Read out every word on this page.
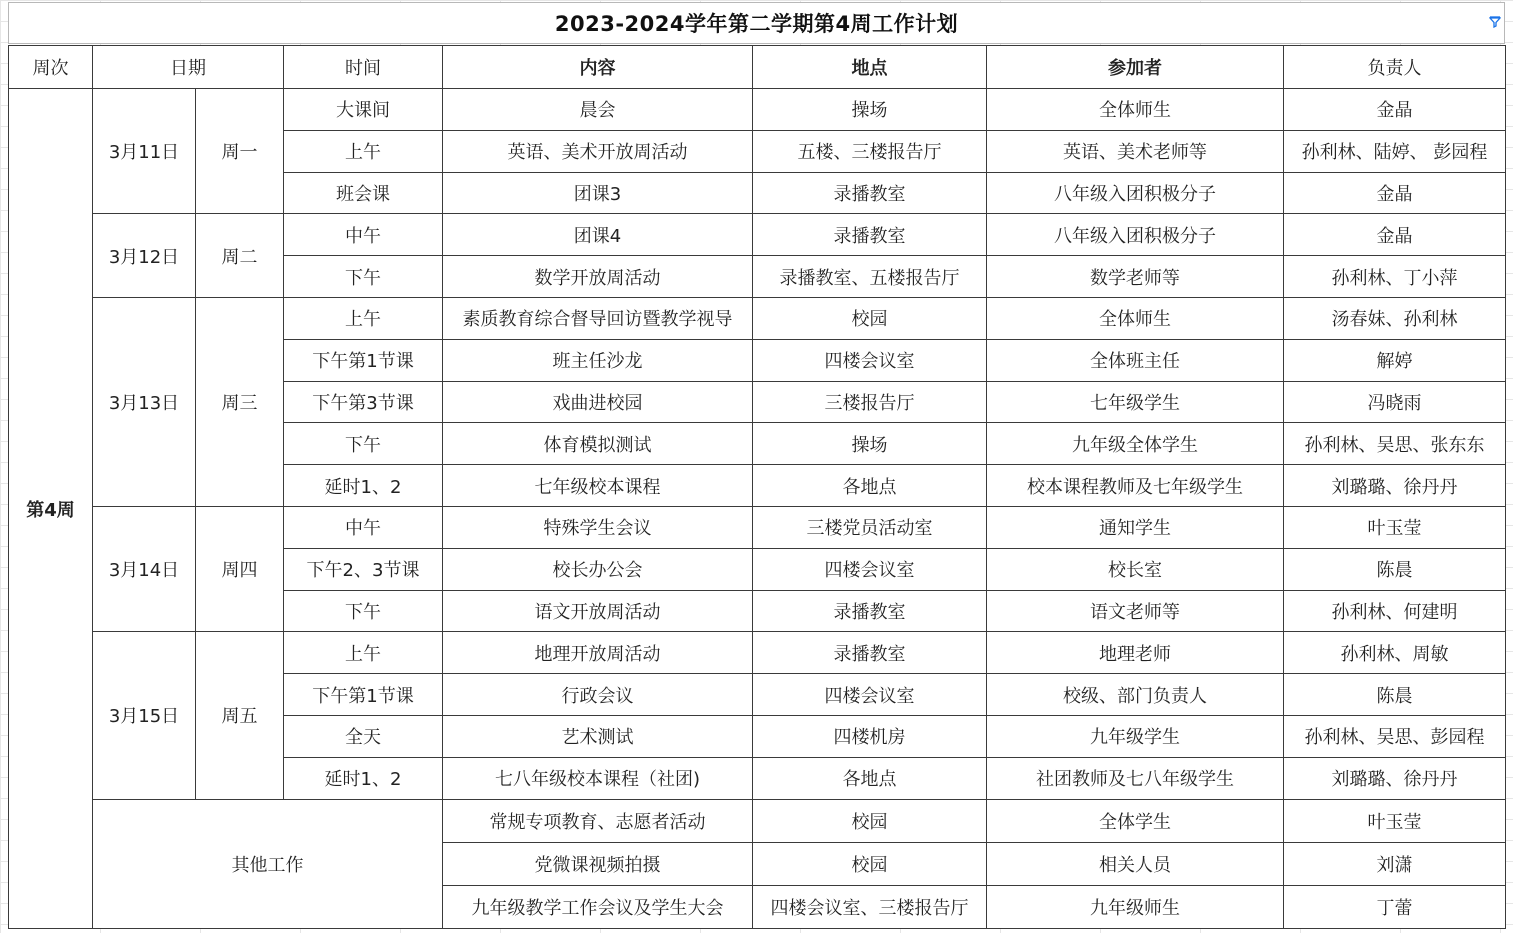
2023-2024学年第二学期第4周工作计划
周次	日期		时间	内容	地点	参加者	负责人
第4周	3月11日	周一	大课间	晨会	操场	全体师生	金晶
			上午	英语、美术开放周活动	五楼、三楼报告厅	英语、美术老师等	孙利林、陆婷、 彭园程
			班会课	团课3	录播教室	八年级入团积极分子	金晶
	3月12日	周二	中午	团课4	录播教室	八年级入团积极分子	金晶
			下午	数学开放周活动	录播教室、五楼报告厅	数学老师等	孙利林、丁小萍
	3月13日	周三	上午	素质教育综合督导回访暨教学视导	校园	全体师生	汤春妹、孙利林
			下午第1节课	班主任沙龙	四楼会议室	全体班主任	解婷
			下午第3节课	戏曲进校园	三楼报告厅	七年级学生	冯晓雨
			下午	体育模拟测试	操场	九年级全体学生	孙利林、吴思、张东东
			延时1、2	七年级校本课程	各地点	校本课程教师及七年级学生	刘璐璐、徐丹丹
	3月14日	周四	中午	特殊学生会议	三楼党员活动室	通知学生	叶玉莹
			下午2、3节课	校长办公会	四楼会议室	校长室	陈晨
			下午	语文开放周活动	录播教室	语文老师等	孙利林、何建明
	3月15日	周五	上午	地理开放周活动	录播教室	地理老师	孙利林、周敏
			下午第1节课	行政会议	四楼会议室	校级、部门负责人	陈晨
			全天	艺术测试	四楼机房	九年级学生	孙利林、吴思、彭园程
			延时1、2	七八年级校本课程（社团)	各地点	社团教师及七八年级学生	刘璐璐、徐丹丹
	其他工作			常规专项教育、志愿者活动	校园	全体学生	叶玉莹
				党微课视频拍摄	校园	相关人员	刘潇
				九年级教学工作会议及学生大会	四楼会议室、三楼报告厅	九年级师生	丁蕾
